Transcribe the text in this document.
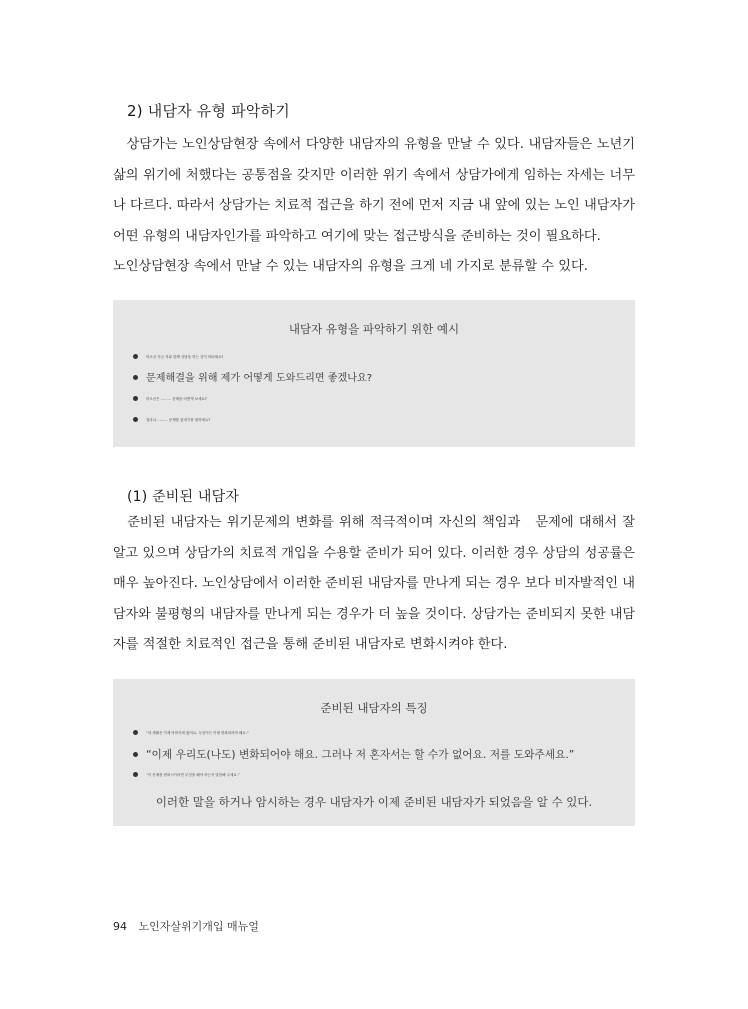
2) 내담자 유형 파악하기
　상담가는 노인상담현장 속에서 다양한 내담자의 유형을 만날 수 있다. 내담자들은 노년기
삶의 위기에 처했다는 공통점을 갖지만 이러한 위기 속에서 상담가에게 임하는 자세는 너무
나 다르다. 따라서 상담가는 치료적 접근을 하기 전에 먼저 지금 내 앞에 있는 노인 내담자가
어떤 유형의 내담자인가를 파악하고 여기에 맞는 접근방식을 준비하는 것이 필요하다.
노인상담현장 속에서 만날 수 있는 내담자의 유형을 크게 네 가지로 분류할 수 있다.
내담자 유형을 파악하기 위한 예시
어르신 지금 저와 함께 상담을 하는 것이 어떠세요?
문제해결을 위해 제가 어떻게 도와드리면 좋겠나요?
어르신은 ……… 문제를 어떻게 보세요?
얼마나 ……… 문제를 없애기를 원하세요?
(1) 준비된 내담자
　준비된 내담자는 위기문제의 변화를 위해 적극적이며 자신의 책임과　문제에 대해서 잘
알고 있으며 상담가의 치료적 개입을 수용할 준비가 되어 있다. 이러한 경우 상담의 성공률은
매우 높아진다. 노인상담에서 이러한 준비된 내담자를 만나게 되는 경우 보다 비자발적인 내
담자와 불평형의 내담자를 만나게 되는 경우가 더 높을 것이다. 상담가는 준비되지 못한 내담
자를 적절한 치료적인 접근을 통해 준비된 내담자로 변화시켜야 한다.
준비된 내담자의 특징
“내 생활은 이제 막바지에 왔어요. 무엇이든 이제 변화되어야 해요.”
“이제 우리도(나도) 변화되어야 해요. 그러나 저 혼자서는 할 수가 없어요. 저를 도와주세요.”
“이 문제를 변화시키려면 무엇을 해야 하는지 말씀해 주세요.”
이러한 말을 하거나 암시하는 경우 내담자가 이제 준비된 내담자가 되었음을 알 수 있다.
94 노인자살위기개입 매뉴얼
